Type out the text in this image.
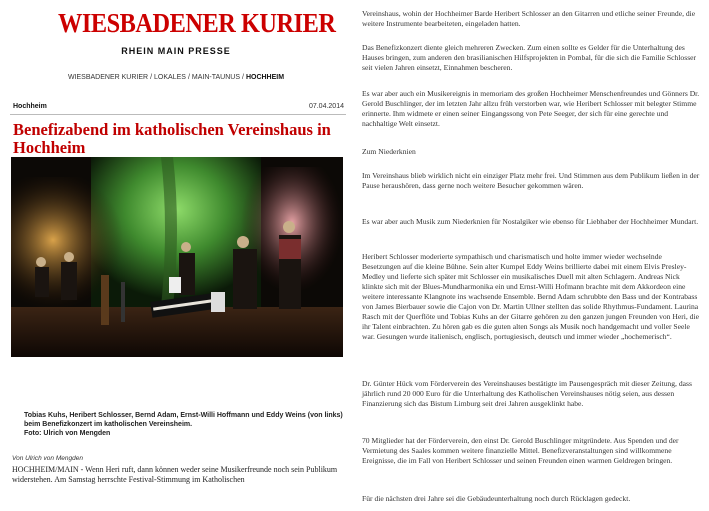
WIESBADENER KURIER
RHEIN MAIN PRESSE
WIESBADENER KURIER / LOKALES / MAIN-TAUNUS / HOCHHEIM
Hochheim	07.04.2014
Benefizabend im katholischen Vereinshaus in Hochheim
Tobias Kuhs, Heribert Schlosser, Bernd Adam, Ernst-Willi Hoffmann und Eddy Weins (von links) beim Benefizkonzert im katholischen Vereinsheim.
Foto: Ulrich von Mengden
Von Ulrich von Mengden

HOCHHEIM/MAIN - Wenn Heri ruft, dann können weder seine Musikerfreunde noch sein Publikum widerstehen. Am Samstag herrschte Festival-Stimmung im Katholischen

Vereinshaus, wohin der Hochheimer Barde Heribert Schlosser an den Gitarren und etliche seiner Freunde, die weitere Instrumente bearbeiteten, eingeladen hatten.

Das Benefizkonzert diente gleich mehreren Zwecken. Zum einen sollte es Gelder für die Unterhaltung des Hauses bringen, zum anderen den brasilianischen Hilfsprojekten in Pombal, für die sich die Familie Schlosser seit vielen Jahren einsetzt, Einnahmen bescheren.

Es war aber auch ein Musikereignis in memoriam des großen Hochheimer Menschenfreundes und Gönners Dr. Gerold Buschlinger, der im letzten Jahr allzu früh verstorben war, wie Heribert Schlosser mit belegter Stimme erinnerte. Ihm widmete er einen seiner Eingangssong von Pete Seeger, der sich für eine gerechte und nachhaltige Welt einsetzt.

Zum Niederknien

Im Vereinshaus blieb wirklich nicht ein einziger Platz mehr frei. Und Stimmen aus dem Publikum ließen in der Pause heraushören, dass gerne noch weitere Besucher gekommen wären.

Es war aber auch Musik zum Niederknien für Nostalgiker wie ebenso für Liebhaber der Hochheimer Mundart.

Heribert Schlosser moderierte sympathisch und charismatisch und holte immer wieder wechselnde Besetzungen auf die kleine Bühne. Sein alter Kumpel Eddy Weins brillierte dabei mit einem Elvis Presley-Medley und lieferte sich später mit Schlosser ein musikalisches Duell mit alten Schlagern. Andreas Nick klinkte sich mit der Blues-Mundharmonika ein und Ernst-Willi Hofmann brachte mit dem Akkordeon eine weitere interessante Klangnote ins wachsende Ensemble. Bernd Adam schrubbte den Bass und der Kontrabass von James Bierbauer sowie die Cajon von Dr. Martin Ullner stellten das solide Rhythmus-Fundament. Laurina Rasch mit der Querflöte und Tobias Kuhs an der Gitarre gehören zu den ganzen jungen Freunden von Heri, die ihr Talent einbrachten. Zu hören gab es die guten alten Songs als Musik noch handgemacht und voller Seele war. Gesungen wurde italienisch, englisch, portugiesisch, deutsch und immer wieder „hochemerisch“.

Dr. Günter Hück vom Förderverein des Vereinshauses bestätigte im Pausengespräch mit dieser Zeitung, dass jährlich rund 20 000 Euro für die Unterhaltung des Katholischen Vereinshauses nötig seien, aus dessen Finanzierung sich das Bistum Limburg seit drei Jahren ausgeklinkt habe.

70 Mitglieder hat der Förderverein, den einst Dr. Gerold Buschlinger mitgründete. Aus Spenden und der Vermietung des Saales kommen weitere finanzielle Mittel. Benefizveranstaltungen sind willkommene Ereignisse, die im Fall von Heribert Schlosser und seinen Freunden einen warmen Geldregen bringen.

Für die nächsten drei Jahre sei die Gebäudeunterhaltung noch durch Rücklagen gedeckt.
